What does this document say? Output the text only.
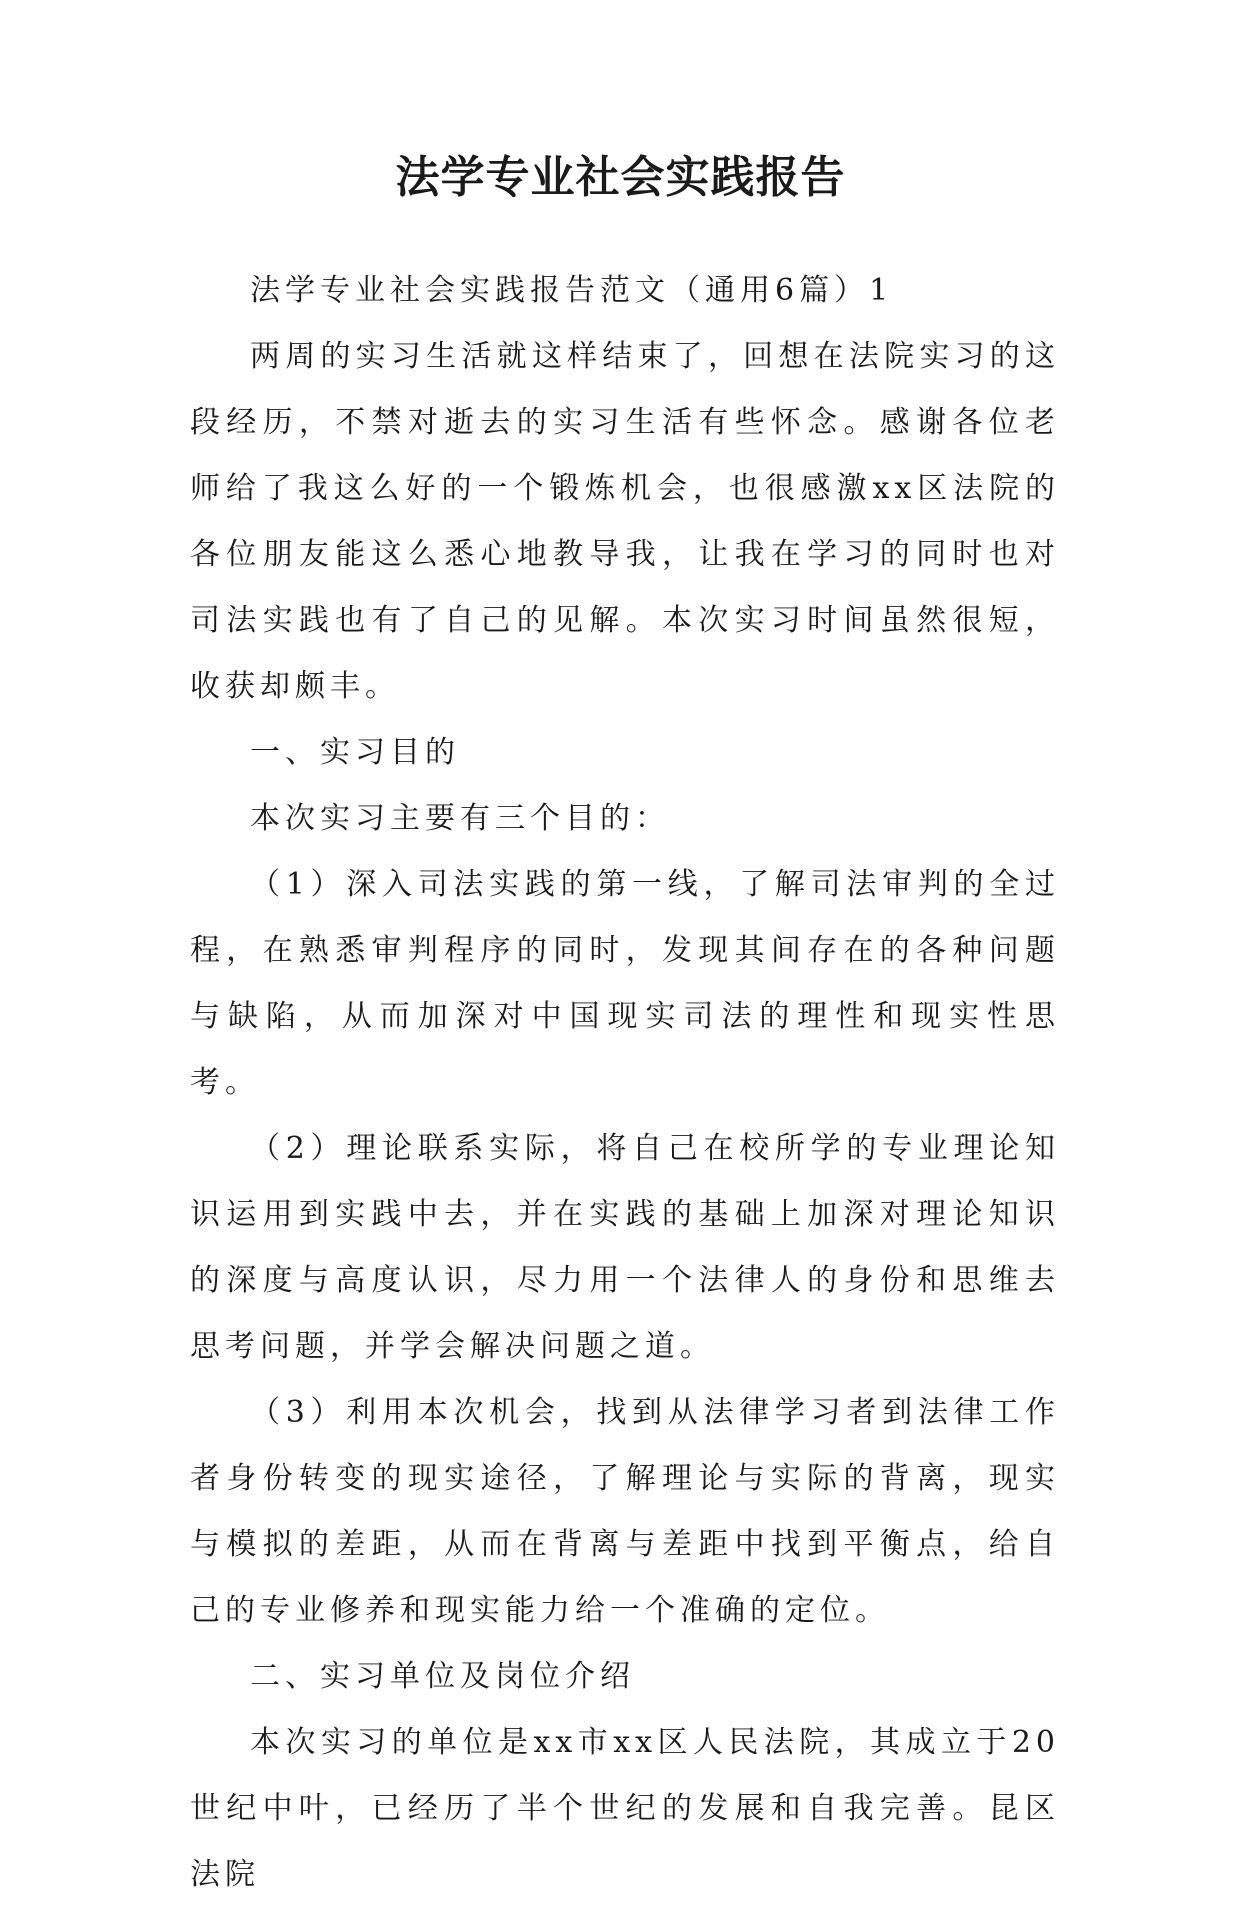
法学专业社会实践报告

法学专业社会实践报告范文（通用6篇）1

两周的实习生活就这样结束了，回想在法院实习的这段经历，不禁对逝去的实习生活有些怀念。感谢各位老师给了我这么好的一个锻炼机会，也很感激xx区法院的各位朋友能这么悉心地教导我，让我在学习的同时也对司法实践也有了自己的见解。本次实习时间虽然很短，收获却颇丰。

一、实习目的

本次实习主要有三个目的：

（1）深入司法实践的第一线，了解司法审判的全过程，在熟悉审判程序的同时，发现其间存在的各种问题与缺陷，从而加深对中国现实司法的理性和现实性思考。

（2）理论联系实际，将自己在校所学的专业理论知识运用到实践中去，并在实践的基础上加深对理论知识的深度与高度认识，尽力用一个法律人的身份和思维去思考问题，并学会解决问题之道。

（3）利用本次机会，找到从法律学习者到法律工作者身份转变的现实途径，了解理论与实际的背离，现实与模拟的差距，从而在背离与差距中找到平衡点，给自己的专业修养和现实能力给一个准确的定位。

二、实习单位及岗位介绍

本次实习的单位是xx市xx区人民法院，其成立于20世纪中叶，已经历了半个世纪的发展和自我完善。昆区法院
